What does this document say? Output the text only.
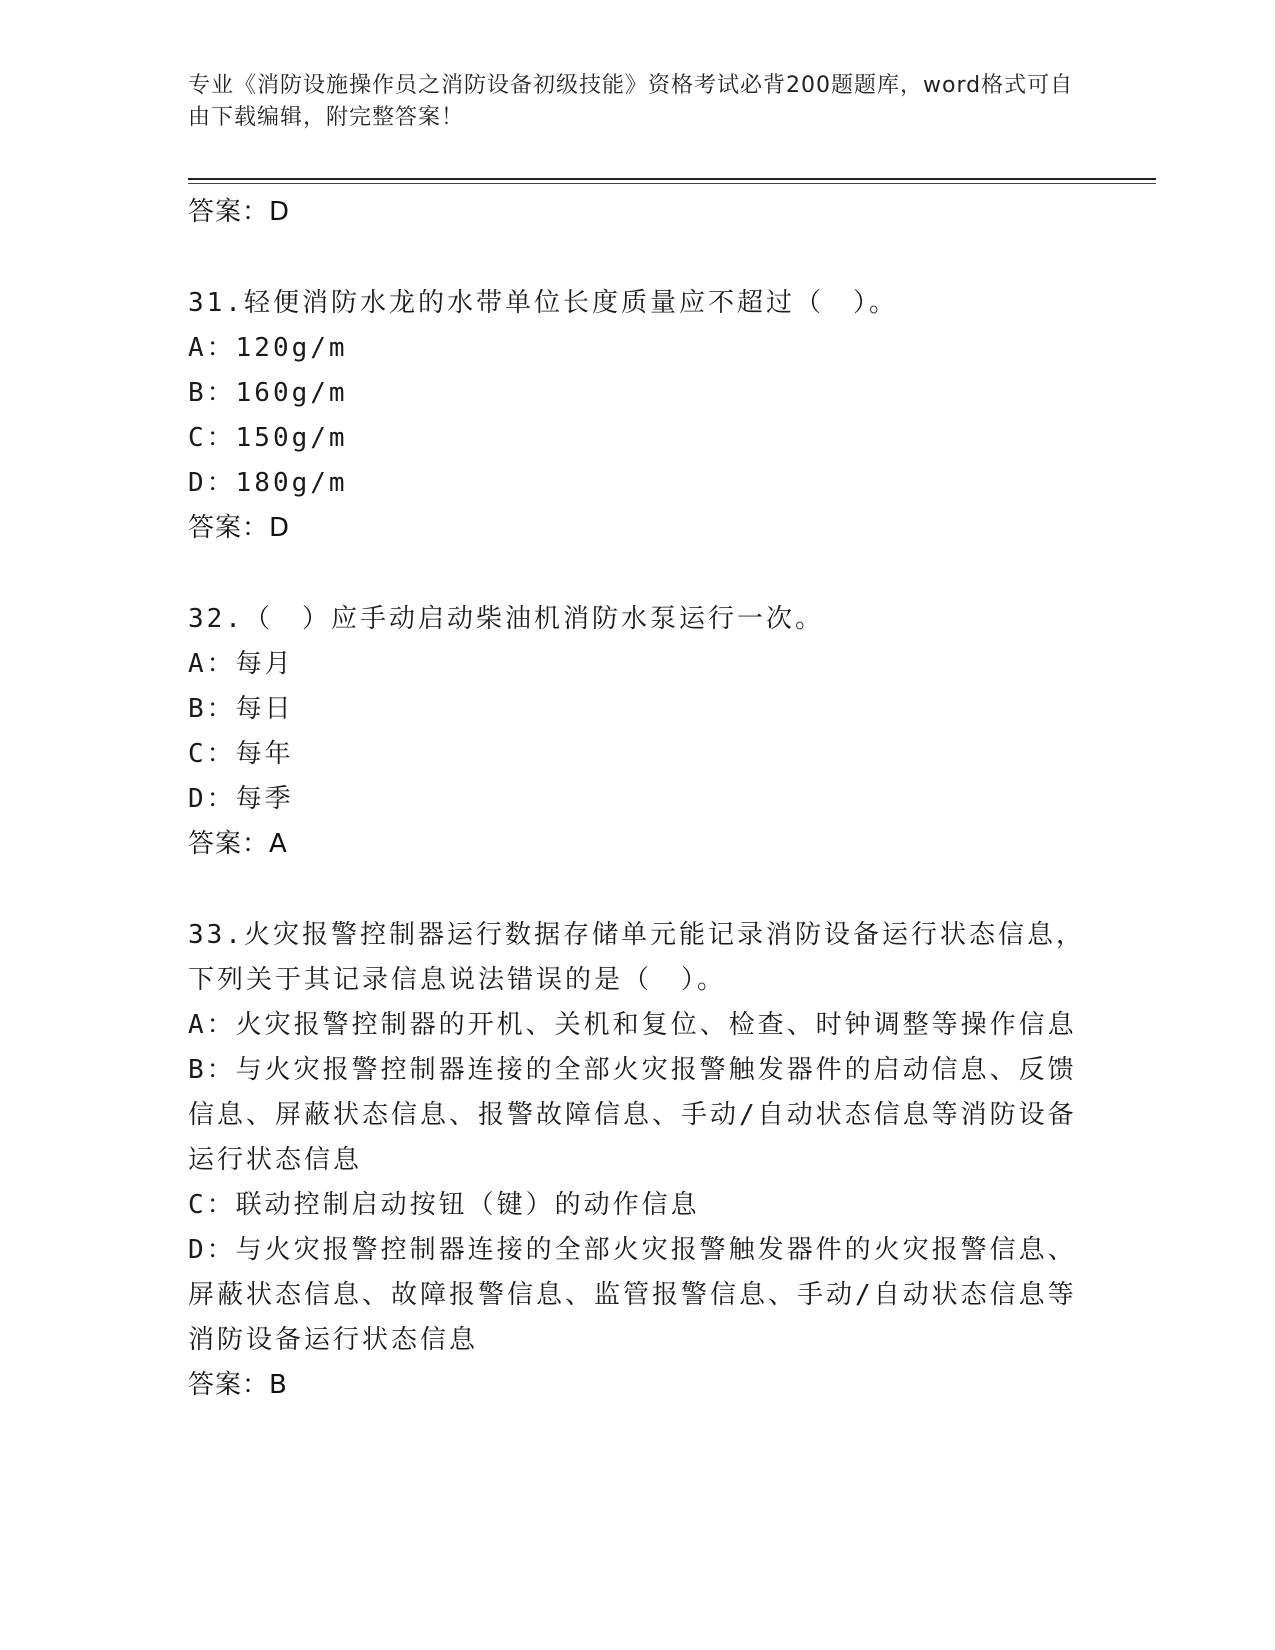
专业《消防设施操作员之消防设备初级技能》资格考试必背200题题库，word格式可自由下载编辑，附完整答案！
答案：D
31.轻便消防水龙的水带单位长度质量应不超过（　）。
A：120g/m
B：160g/m
C：150g/m
D：180g/m
答案：D
32.（　）应手动启动柴油机消防水泵运行一次。
A：每月
B：每日
C：每年
D：每季
答案：A
33.火灾报警控制器运行数据存储单元能记录消防设备运行状态信息，
下列关于其记录信息说法错误的是（　）。
A：火灾报警控制器的开机、关机和复位、检查、时钟调整等操作信息
B：与火灾报警控制器连接的全部火灾报警触发器件的启动信息、反馈
信息、屏蔽状态信息、报警故障信息、手动/自动状态信息等消防设备
运行状态信息
C：联动控制启动按钮（键）的动作信息
D：与火灾报警控制器连接的全部火灾报警触发器件的火灾报警信息、
屏蔽状态信息、故障报警信息、监管报警信息、手动/自动状态信息等
消防设备运行状态信息
答案：B
